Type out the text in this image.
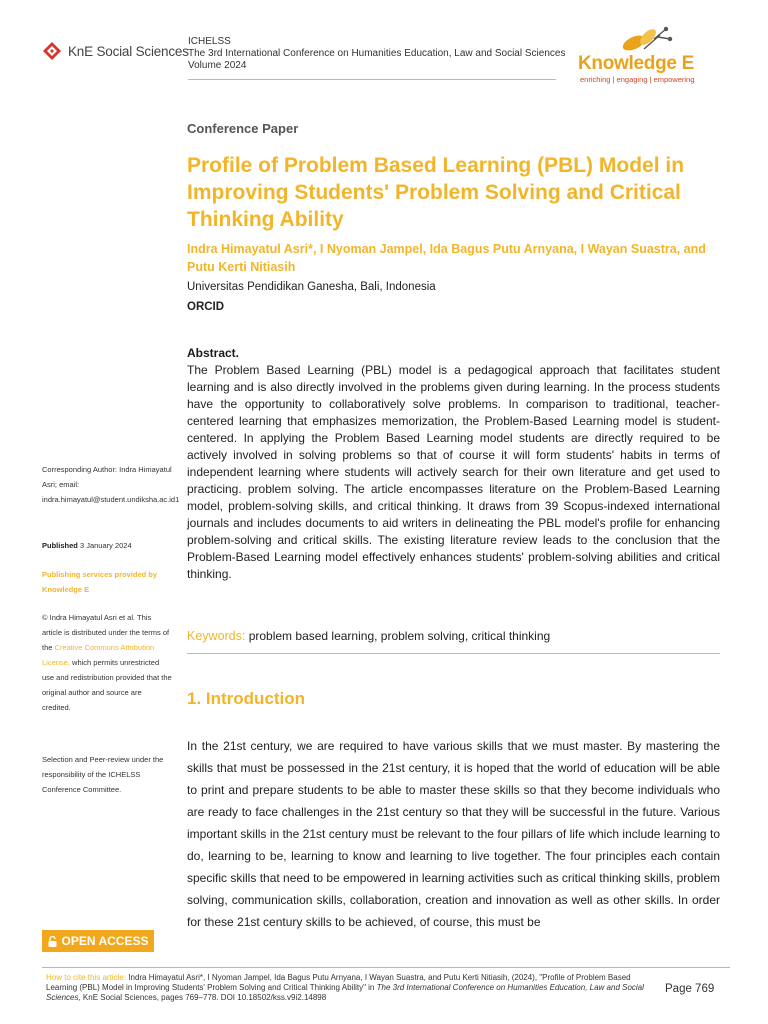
KnE Social Sciences
ICHELSS
The 3rd International Conference on Humanities Education, Law and Social Sciences
Volume 2024	Knowledge E
enriching | engaging | empowering
Conference Paper
Profile of Problem Based Learning (PBL) Model in Improving Students' Problem Solving and Critical Thinking Ability
Indra Himayatul Asri*, I Nyoman Jampel, Ida Bagus Putu Arnyana, I Wayan Suastra, and Putu Kerti Nitiasih
Universitas Pendidikan Ganesha, Bali, Indonesia
ORCID
Abstract.
The Problem Based Learning (PBL) model is a pedagogical approach that facilitates student learning and is also directly involved in the problems given during learning. In the process students have the opportunity to collaboratively solve problems. In comparison to traditional, teacher-centered learning that emphasizes memorization, the Problem-Based Learning model is student-centered. In applying the Problem Based Learning model students are directly required to be actively involved in solving problems so that of course it will form students' habits in terms of independent learning where students will actively search for their own literature and get used to practicing. problem solving. The article encompasses literature on the Problem-Based Learning model, problem-solving skills, and critical thinking. It draws from 39 Scopus-indexed international journals and includes documents to aid writers in delineating the PBL model's profile for enhancing problem-solving and critical skills. The existing literature review leads to the conclusion that the Problem-Based Learning model effectively enhances students' problem-solving abilities and critical thinking.
Keywords: problem based learning, problem solving, critical thinking
1. Introduction
In the 21st century, we are required to have various skills that we must master. By mastering the skills that must be possessed in the 21st century, it is hoped that the world of education will be able to print and prepare students to be able to master these skills so that they become individuals who are ready to face challenges in the 21st century so that they will be successful in the future. Various important skills in the 21st century must be relevant to the four pillars of life which include learning to do, learning to be, learning to know and learning to live together. The four principles each contain specific skills that need to be empowered in learning activities such as critical thinking skills, problem solving, communication skills, collaboration, creation and innovation as well as other skills. In order for these 21st century skills to be achieved, of course, this must be
Corresponding Author: Indra Himayatul Asri; email: indra.himayatul@student.undiksha.ac.id1
Published 3 January 2024
Publishing services provided by Knowledge E
© Indra Himayatul Asri et al. This article is distributed under the terms of the Creative Commons Attribution License, which permits unrestricted use and redistribution provided that the original author and source are credited.
Selection and Peer-review under the responsibility of the ICHELSS Conference Committee.
OPEN ACCESS
How to cite this article: Indra Himayatul Asri*, I Nyoman Jampel, Ida Bagus Putu Arnyana, I Wayan Suastra, and Putu Kerti Nitiasih, (2024), "Profile of Problem Based Learning (PBL) Model in Improving Students' Problem Solving and Critical Thinking Ability" in The 3rd International Conference on Humanities Education, Law and Social Sciences, KnE Social Sciences, pages 769–778. DOI 10.18502/kss.v9i2.14898
Page 769
